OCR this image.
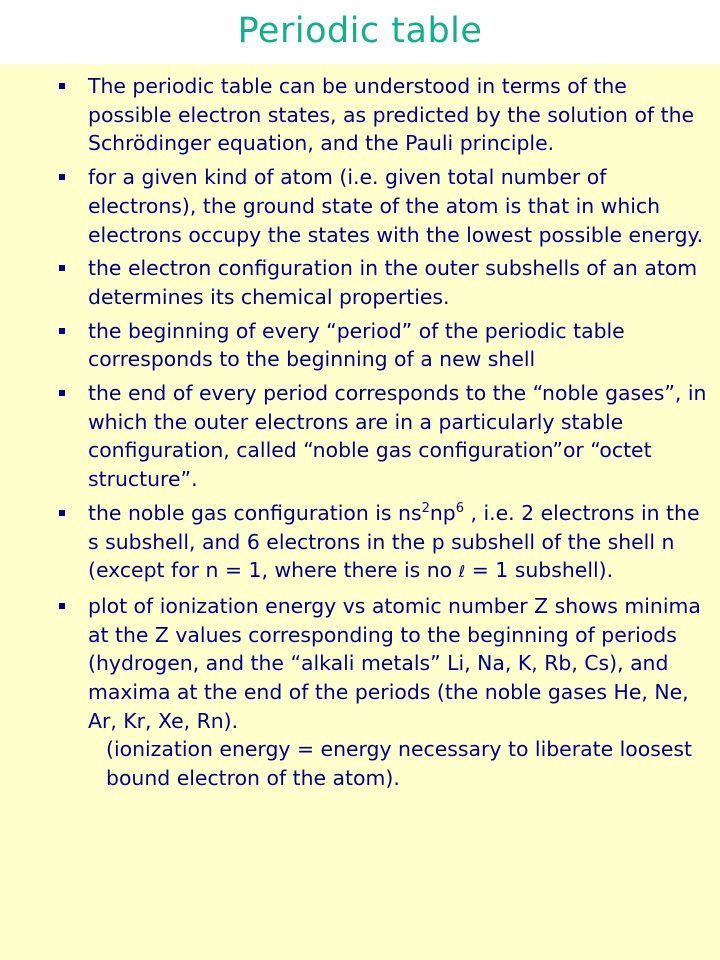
Periodic table
The periodic table can be understood in terms of the possible electron states, as predicted by the solution of the Schrödinger equation, and the Pauli principle.
for a given kind of atom (i.e. given total number of electrons), the ground state of the atom is that in which electrons occupy the states with the lowest possible energy.
the electron configuration in the outer subshells of an atom determines its chemical properties.
the beginning of every “period” of the periodic table corresponds to the beginning of a new shell
the end of every period corresponds to the “noble gases”, in which the outer electrons are in a particularly stable configuration, called “noble gas configuration”or “octet structure”.
the noble gas configuration is $ns^2np^6$ , i.e. 2 electrons in the s subshell, and 6 electrons in the p subshell of the shell n (except for n = 1, where there is no ℓ = 1 subshell).
plot of ionization energy vs atomic number Z shows minima at the Z values corresponding to the beginning of periods (hydrogen, and the “alkali metals” Li, Na, K, Rb, Cs), and maxima at the end of the periods (the noble gases He, Ne, Ar, Kr, Xe, Rn).
(ionization energy = energy necessary to liberate loosest bound electron of the atom).
